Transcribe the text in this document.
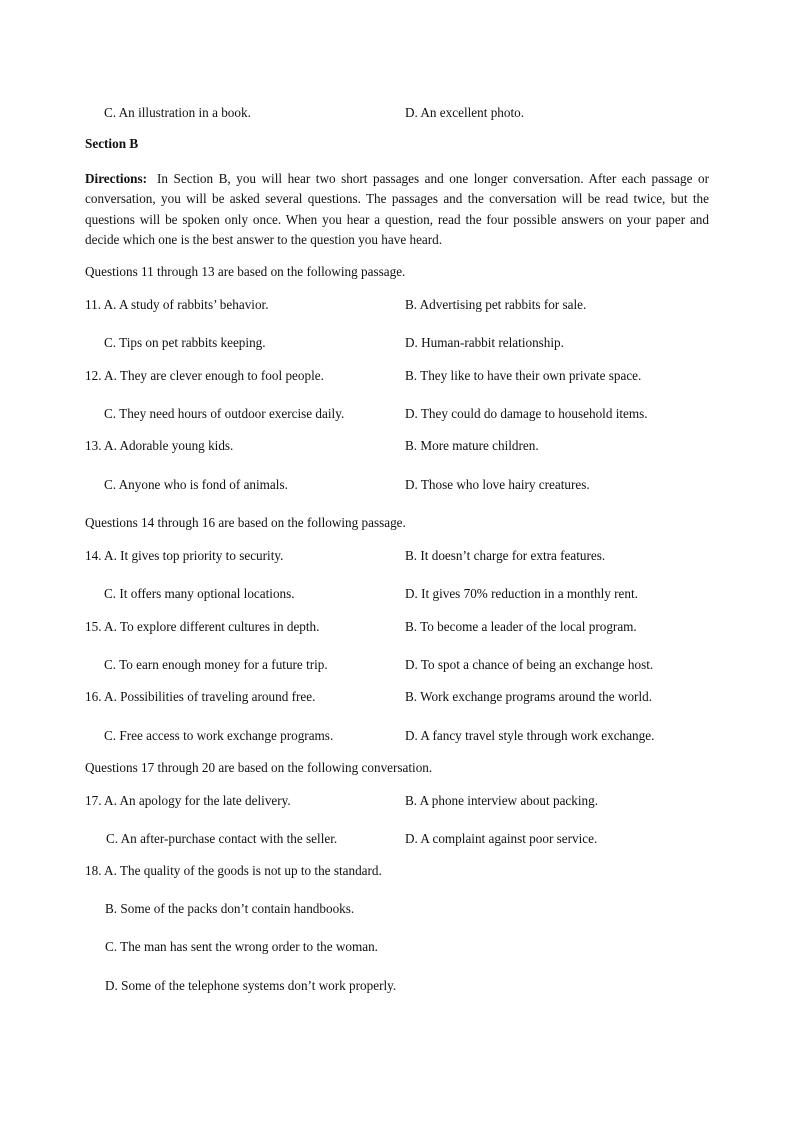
C. An illustration in a book.	D. An excellent photo.
Section B
Directions: In Section B, you will hear two short passages and one longer conversation. After each passage or conversation, you will be asked several questions. The passages and the conversation will be read twice, but the questions will be spoken only once. When you hear a question, read the four possible answers on your paper and decide which one is the best answer to the question you have heard.
Questions 11 through 13 are based on the following passage.
11. A. A study of rabbits’ behavior.	B. Advertising pet rabbits for sale.
C. Tips on pet rabbits keeping.	D. Human-rabbit relationship.
12. A. They are clever enough to fool people.	B. They like to have their own private space.
C. They need hours of outdoor exercise daily.	D. They could do damage to household items.
13. A. Adorable young kids.	B. More mature children.
C. Anyone who is fond of animals.	D. Those who love hairy creatures.
Questions 14 through 16 are based on the following passage.
14. A. It gives top priority to security.	B. It doesn’t charge for extra features.
C. It offers many optional locations.	D. It gives 70% reduction in a monthly rent.
15. A. To explore different cultures in depth.	B. To become a leader of the local program.
C. To earn enough money for a future trip.	D. To spot a chance of being an exchange host.
16. A. Possibilities of traveling around free.	B. Work exchange programs around the world.
C. Free access to work exchange programs.	D. A fancy travel style through work exchange.
Questions 17 through 20 are based on the following conversation.
17. A. An apology for the late delivery.	B. A phone interview about packing.
C. An after-purchase contact with the seller.	D. A complaint against poor service.
18. A. The quality of the goods is not up to the standard.
B. Some of the packs don’t contain handbooks.
C. The man has sent the wrong order to the woman.
D. Some of the telephone systems don’t work properly.
